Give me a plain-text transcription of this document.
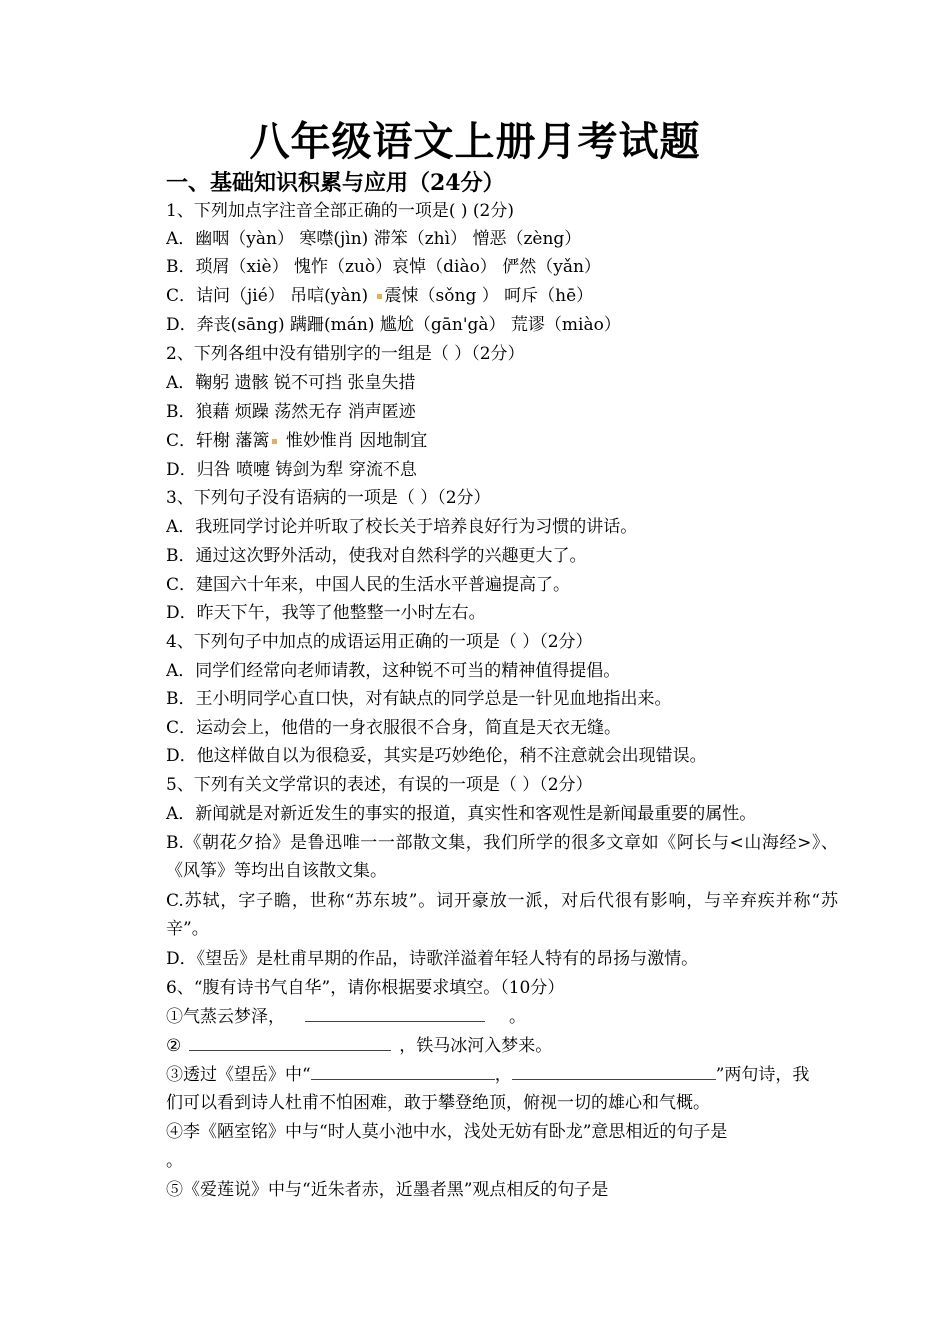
八年级语文上册月考试题
一、基础知识积累与应用（24分）
1、下列加点字注音全部正确的一项是( ) (2分)
A．幽咽（yàn） 寒噤(jìn) 滞笨（zhì） 憎恶（zèng）
B．琐屑（xiè） 愧怍（zuò）哀悼（diào） 俨然（yǎn）
C．诘问（jié） 吊唁(yàn) 震悚（sǒng ） 呵斥（hē）
D．奔丧(sāng) 蹒跚(mán) 尴尬（gān'gà） 荒谬（miào）
2、下列各组中没有错别字的一组是（ ）（2分）
A．鞠躬 遗骸 锐不可挡 张皇失措
B．狼藉 烦躁 荡然无存 消声匿迹
C．轩榭 藩篱 惟妙惟肖 因地制宜
D．归咎 喷嚏 铸剑为犁 穿流不息
3、下列句子没有语病的一项是（ ）（2分）
A．我班同学讨论并听取了校长关于培养良好行为习惯的讲话。
B．通过这次野外活动，使我对自然科学的兴趣更大了。
C．建国六十年来，中国人民的生活水平普遍提高了。
D．昨天下午，我等了他整整一小时左右。
4、下列句子中加点的成语运用正确的一项是（ ）（2分）
A．同学们经常向老师请教，这种锐不可当的精神值得提倡。
B．王小明同学心直口快，对有缺点的同学总是一针见血地指出来。
C．运动会上，他借的一身衣服很不合身，简直是天衣无缝。
D．他这样做自以为很稳妥，其实是巧妙绝伦，稍不注意就会出现错误。
5、下列有关文学常识的表述，有误的一项是（ ）（2分）
A．新闻就是对新近发生的事实的报道，真实性和客观性是新闻最重要的属性。
B.《朝花夕拾》是鲁迅唯一一部散文集，我们所学的很多文章如《阿长与<山海经>》、《风筝》等均出自该散文集。
C.苏轼，字子瞻，世称“苏东坡”。词开豪放一派，对后代很有影响，与辛弃疾并称“苏辛”。
D．《望岳》是杜甫早期的作品，诗歌洋溢着年轻人特有的昂扬与激情。
6、“腹有诗书气自华”，请你根据要求填空。（10分）
①气蒸云梦泽，	。
②	，铁马冰河入梦来。
③透过《望岳》中“	，	”两句诗，我
们可以看到诗人杜甫不怕困难，敢于攀登绝顶，俯视一切的雄心和气概。
④李《陋室铭》中与“时人莫小池中水，浅处无妨有卧龙”意思相近的句子是
。
⑤《爱莲说》中与“近朱者赤，近墨者黑”观点相反的句子是
